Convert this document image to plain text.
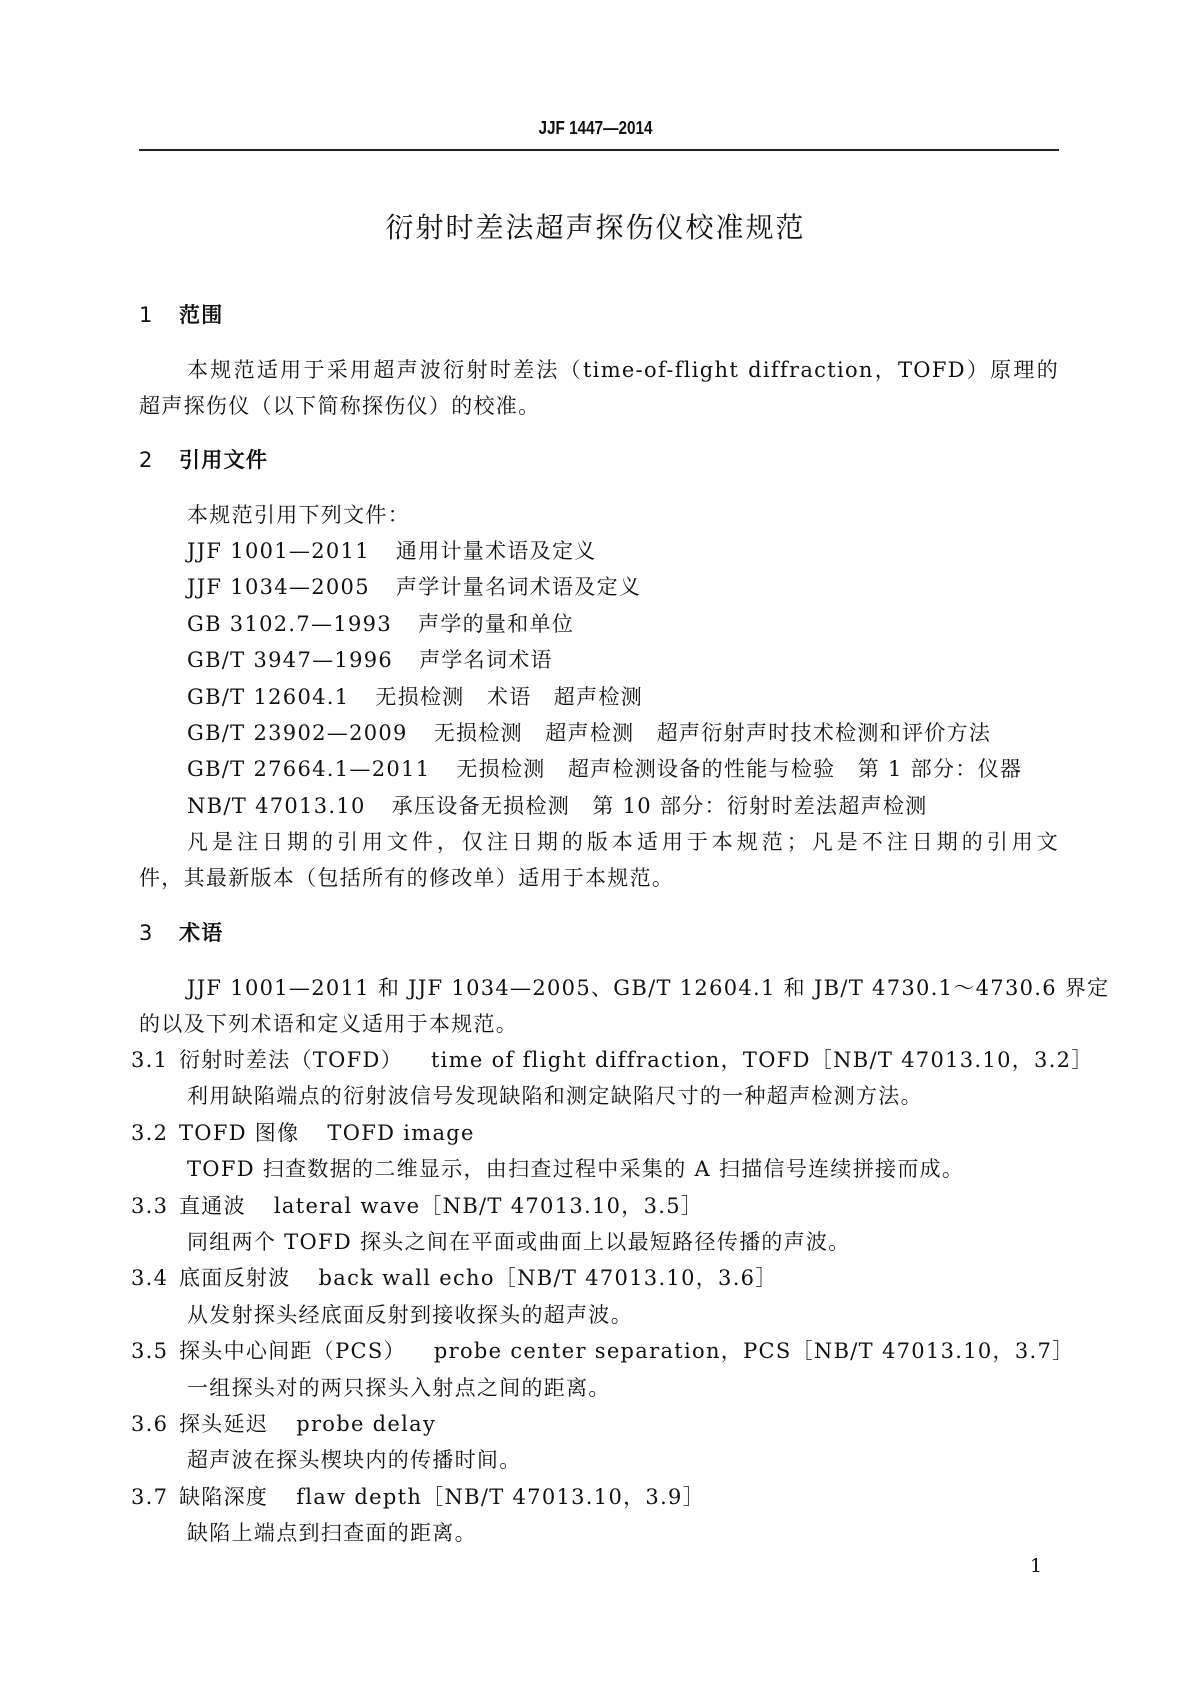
JJF 1447—2014
衍射时差法超声探伤仪校准规范
1 范围
本规范适用于采用超声波衍射时差法（time-of-flight diffraction，TOFD）原理的
超声探伤仪（以下简称探伤仪）的校准。
2 引用文件
本规范引用下列文件：
凡是注日期的引用文件，仅注日期的版本适用于本规范；凡是不注日期的引用文
件，其最新版本（包括所有的修改单）适用于本规范。
3 术语
JJF 1001—2011 和 JJF 1034—2005、GB/T 12604.1 和 JB/T 4730.1～4730.6 界定
的以及下列术语和定义适用于本规范。
1
JJF 1001—2011 通用计量术语及定义
JJF 1034—2005 声学计量名词术语及定义
GB 3102.7—1993 声学的量和单位
GB/T 3947—1996 声学名词术语
GB/T 12604.1 无损检测　术语　超声检测
GB/T 23902—2009 无损检测　超声检测　超声衍射声时技术检测和评价方法
GB/T 27664.1—2011 无损检测　超声检测设备的性能与检验　第 1 部分：仪器
NB/T 47013.10 承压设备无损检测　第 10 部分：衍射时差法超声检测
3.1 衍射时差法（TOFD） time of flight diffraction，TOFD［NB/T 47013.10，3.2］
利用缺陷端点的衍射波信号发现缺陷和测定缺陷尺寸的一种超声检测方法。
3.2 TOFD 图像 TOFD image
TOFD 扫查数据的二维显示，由扫查过程中采集的 A 扫描信号连续拼接而成。
3.3 直通波 lateral wave［NB/T 47013.10，3.5］
同组两个 TOFD 探头之间在平面或曲面上以最短路径传播的声波。
3.4 底面反射波 back wall echo［NB/T 47013.10，3.6］
从发射探头经底面反射到接收探头的超声波。
3.5 探头中心间距（PCS） probe center separation，PCS［NB/T 47013.10，3.7］
一组探头对的两只探头入射点之间的距离。
3.6 探头延迟 probe delay
超声波在探头楔块内的传播时间。
3.7 缺陷深度 flaw depth［NB/T 47013.10，3.9］
缺陷上端点到扫查面的距离。
